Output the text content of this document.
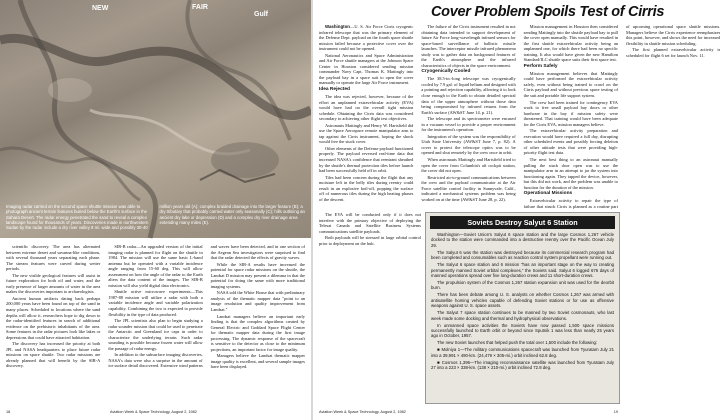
NEW	FAIR
Gulf
Imaging radar carried on the second space shuttle mission was able to photograph ancient terrain features buried below the Earth's surface in the Sahara Desert. The radar energy penetrated the sand to reveal a complex landscape found for thousands of years. Discoveries made in northwestern Sudan by the radar include a dry river valley 8 mi. wide and possibly 30-40 million years old (A); complex braided drainage into the larger feature (B); a dry tributary that probably carried water only seasonally (C); hills outlining an ancient dry lake or depression (D) and a complex dry river drainage area extending many miles (E).

scientific discovery. The area has alternated between extreme desert and savanna-like conditions, with several thousand years separating each phase. The stream features were carved during wetter periods.

The new visible geological features will assist in future exploration for both oil and water, and the early presence of larger amounts of water in the area makes the discoveries important to archaeologists.

Ancient human artifacts dating back perhaps 200,000 years have been found on top of the sand in many places. Scheduled to locations where the sand depths will allow it, researchers hope to dig down to the radar-identified features in search of additional evidence on the prehistoric inhabitants of the area. Some features in the radar pictures look like lakes or depressions that could have attracted habitation.

The discovery has increased the priority at both JPL and NASA headquarters to place future radar missions on space shuttle. Two radar missions are already planned that will benefit by the SIR-A discovery.

SIR-B radar—An upgraded version of the initial imaging radar is planned for flight on the shuttle in 1984. The mission will use the same basic L-band antenna but be operated with a variable incidence angle ranging from 15-60 deg. This will allow assessment on how the angle of the radar to the Earth alters the data content of the images. The SIR-B mission will also yield digital data electronics.

Shuttle active microwave experiments—This 1987-88 mission will utilize a radar with both a variable incidence angle and variable polarization capability. Combining the two is expected to provide flexibility in the type of data produced.

The JPL scientists also plan to begin studying a radar sounder mission that could be used to penetrate the Antarctic and Greenland ice caps in order to characterize the underlying terrain. Such radar sounding is possible because frozen water will allow the passage of radar energy.

In addition to the subsurface imaging discoveries, NASA's data were also a surprise in the amount of ice surface detail discovered. Extensive wind patterns and waves have been detected, and in one section of the Aegean Sea investigators were surprised to find that the radar detected the effects of gravity waves.

While the SIR-A results have increased the potential for space radar missions on the shuttle, the Landsat D mission may present a dilemma in that the potential for doing the same with more traditional imaging systems.

NASA told the White House that with preliminary analysis of the thematic mapper data "point to an image resolution and quality improvement from Landsat."

Landsat managers believe an important early finding is that the complex algorithms created by General Electric and Goddard Space Flight Center for thematic mapper data during the first image processing. The dynamic response of the spacecraft is sensitive to the detector as close to the minimum projections, an important factor for image quality.

Managers believe the Landsat thematic mapper image quality is excellent, and several sample images have been displayed.

18	Aviation Week & Space Technology, August 2, 1982
Cover Problem Spoils Test of Cirris

Washington—U. S. Air Force Cirris cryogenic infrared telescope that was the primary element of the Defense Dept. payload on the fourth space shuttle mission failed because a protective cover over the instrument could not be opened.

National Aeronautics and Space Administration and Air Force shuttle managers at the Johnson Space Center in Houston considered sending mission commander Navy Capt. Thomas K. Mattingly into the payload bay in a space suit to open the cover manually or operate the large Air Force instrument.

Idea Rejected

The idea was rejected, however, because of the effort an unplanned extravehicular activity (EVA) would have had on the overall tight mission schedule. Obtaining the Cirris data was considered secondary to achieving other flight test objectives.

Astronauts Mattingly and Henry W. Hartsfield did use the Space Aerospace remote manipulator arm to tap against the Cirris instrument, hoping the shock would free the stuck cover.

Other elements of the Defense payload functioned properly. The payload reversed real-time data that increased NASA's confidence that reentrant sheathed by the shuttle's thermal protection tiles before launch had been successfully held off in orbit.

Tiles had been concern during the flight that any moisture left in the belly tiles during reentry could result in an explosive boil-off, popping the surface off of numerous tiles during the high heating phases of the descent.

The failure of the Cirris instrument resulted in not obtaining data intended to support development of future Air Force long-wavelength infrared sensors for space-based surveillance of ballistic missile launches. The interceptor missile infrared phenomena study was to gather data on background features of the Earth's atmosphere and the infrared characteristics of objects in the space environment.

Cryogenically Cooled

The 38.5-in.-long telescope was cryogenically cooled by 7.9 gal. of liquid helium and designed with a pointing and rejection capability, allowing it to look close enough to the Earth to obtain detailed spectral data of the upper atmosphere without those data being compromised by infrared returns from the Earth's surface (AW&ST June 14, p. 21).

The telescope and its spectrometer were encased in a vacuum vessel to provide a proper environment for the instrument's operation.

Integration of the system was the responsibility of Utah State University (AW&ST June 7, p. 82). A cover to protect the telescope optics was to be opened and shut remotely by the crew once in orbit.

When astronauts Mattingly and Hartsfield tried to open the cover from Columbia's aft cockpit station, the cover did not open.

Restricted air-to-ground communications between the crew and the payload communicator at the Air Force satellite control facility in Sunnyvale, Calif., indicated a mechanical systems problem was being worked on at the time (AW&ST June 28, p. 22).

Mission management in Houston then considered sending Mattingly into the shuttle payload bay to pull the cover open manually. This would have resulted in the first shuttle extravehicular activity being an unplanned one, for which there had been no specific training. It also would have given the new Hamilton Standard/ILC shuttle space suits their first space test.

Perform Safely

Mission management believes that Mattingly could have performed the extravehicular activity safely, even without being trained to crawl on the Cirris payload and without previous space testing of the suit and portable life support system.

The crew had been trained for contingency EVA work to free small payload bay doors or other hardware in the bay if mission safety were threatened. That training would have been adequate for the Cirris EVA, mission managers believe.

The extravehicular activity preparation and execution would have required a full day, disrupting other scheduled events and possibly forcing deletion of other attitude tests that were providing high-priority flight test data.

The next best thing to an astronaut manually pulling the stuck door open was to use the manipulator arm in an attempt to jar the system into functioning again. They tapped the device, however, but this did not work, and the problem was unable to function for the duration of the mission.

Operational Missions

Extravehicular activity to repair the type of failure that struck Cirris is planned as a routine part of upcoming operational space shuttle missions. Managers believe the Cirris experience reemphasizes this point, however, and shows the need for increased flexibility in shuttle mission scheduling.

The first planned extravehicular activity is scheduled for flight 6 set for launch Nov. 11.

The EVA will be conducted only if it does not interfere with the primary objective of deploying the Telesat Canada and Satellite Business Systems communications satellite payloads.

Both payloads will be stressed in large orbital control prior to deployment on the hub.

Soviets Destroy Salyut 6 Station

Washington—Soviet Union's Salyut 6 space station and the large Cosmos 1,267 vehicle docked to the station were commanded into a destructive reentry over the Pacific Ocean July 29.

The Salyut 6 was the station was destroyed because its commercial research program had been completed and consumables such as reaction control system propellant were running out.

The Salyut 6 space station and 6 mission "has an important stage on the way to creating permanently manned Soviet orbital complexes," the Soviets said. Salyut 6 logged 676 days of manned operations spread over five long-duration crews and 11 short-duration crews.

The propulsion system of the Cosmos 1,267 station expansion unit was used for the deorbit burn.

There has been debate among U. S. analysts on whether Cosmos 1,267 was armed with antisatellite homing vehicles capable of defending Soviet stations or for use as offensive weapons against U. S. space assets.

The Salyut 7 space station continues to be manned by two Soviet cosmonauts, who last week made some docking and thermal and hydrophysical observations.

In unmanned space activities the Soviets have now passed 1,500 space missions successfully launched to Earth orbit or beyond since Sputnik 1 was less than nearly 25 years ago in October, 1957.

The new Soviet launches that helped push the total over 1,500 include the following:

■ Molniya 1—The military communications spacecraft was launched from Tyuratam July 21 into a 39,991 × 490-km. (24,479 × 305-mi.) orbit inclined 62.8 deg.

■ Cosmos 1,396—The imaging reconnaissance satellite was launched from Tyuratam July 27 into a 223 × 338-km. (138 × 210-mi.) orbit inclined 72.8 deg.

Aviation Week & Space Technology, August 2, 1982	19
